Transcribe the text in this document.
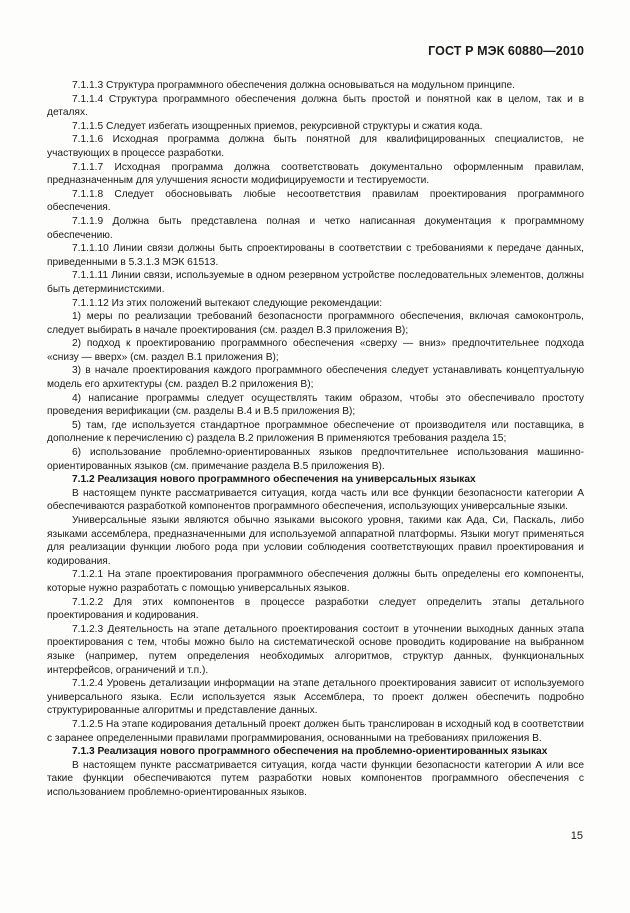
ГОСТ Р МЭК 60880—2010

7.1.1.3 Структура программного обеспечения должна основываться на модульном принципе.

7.1.1.4 Структура программного обеспечения должна быть простой и понятной как в целом, так и в деталях.

7.1.1.5 Следует избегать изощренных приемов, рекурсивной структуры и сжатия кода.

7.1.1.6 Исходная программа должна быть понятной для квалифицированных специалистов, не участвующих в процессе разработки.

7.1.1.7 Исходная программа должна соответствовать документально оформленным правилам, предназначенным для улучшения ясности модифицируемости и тестируемости.

7.1.1.8 Следует обосновывать любые несоответствия правилам проектирования программного обеспечения.

7.1.1.9 Должна быть представлена полная и четко написанная документация к программному обеспечению.

7.1.1.10 Линии связи должны быть спроектированы в соответствии с требованиями к передаче данных, приведенными в 5.3.1.3 МЭК 61513.

7.1.1.11 Линии связи, используемые в одном резервном устройстве последовательных элементов, должны быть детерминистскими.

7.1.1.12 Из этих положений вытекают следующие рекомендации:

1) меры по реализации требований безопасности программного обеспечения, включая самоконтроль, следует выбирать в начале проектирования (см. раздел В.3 приложения В);

2) подход к проектированию программного обеспечения «сверху — вниз» предпочтительнее подхода «снизу — вверх» (см. раздел В.1 приложения В);

3) в начале проектирования каждого программного обеспечения следует устанавливать концептуальную модель его архитектуры (см. раздел В.2 приложения В);

4) написание программы следует осуществлять таким образом, чтобы это обеспечивало простоту проведения верификации (см. разделы В.4 и В.5 приложения В);

5) там, где используется стандартное программное обеспечение от производителя или поставщика, в дополнение к перечислению с) раздела В.2 приложения В применяются требования раздела 15;

6) использование проблемно-ориентированных языков предпочтительнее использования машинно-ориентированных языков (см. примечание раздела В.5 приложения В).

7.1.2 Реализация нового программного обеспечения на универсальных языках

В настоящем пункте рассматривается ситуация, когда часть или все функции безопасности категории А обеспечиваются разработкой компонентов программного обеспечения, использующих универсальные языки.

Универсальные языки являются обычно языками высокого уровня, такими как Ада, Си, Паскаль, либо языками ассемблера, предназначенными для используемой аппаратной платформы. Языки могут применяться для реализации функции любого рода при условии соблюдения соответствующих правил проектирования и кодирования.

7.1.2.1 На этапе проектирования программного обеспечения должны быть определены его компоненты, которые нужно разработать с помощью универсальных языков.

7.1.2.2 Для этих компонентов в процессе разработки следует определить этапы детального проектирования и кодирования.

7.1.2.3 Деятельность на этапе детального проектирования состоит в уточнении выходных данных этапа проектирования с тем, чтобы можно было на систематической основе проводить кодирование на выбранном языке (например, путем определения необходимых алгоритмов, структур данных, функциональных интерфейсов, ограничений и т.п.).

7.1.2.4 Уровень детализации информации на этапе детального проектирования зависит от используемого универсального языка. Если используется язык Ассемблера, то проект должен обеспечить подробно структурированные алгоритмы и представление данных.

7.1.2.5 На этапе кодирования детальный проект должен быть транслирован в исходный код в соответствии с заранее определенными правилами программирования, основанными на требованиях приложения В.

7.1.3 Реализация нового программного обеспечения на проблемно-ориентированных языках

В настоящем пункте рассматривается ситуация, когда части функции безопасности категории А или все такие функции обеспечиваются путем разработки новых компонентов программного обеспечения с использованием проблемно-ориентированных языков.

15
